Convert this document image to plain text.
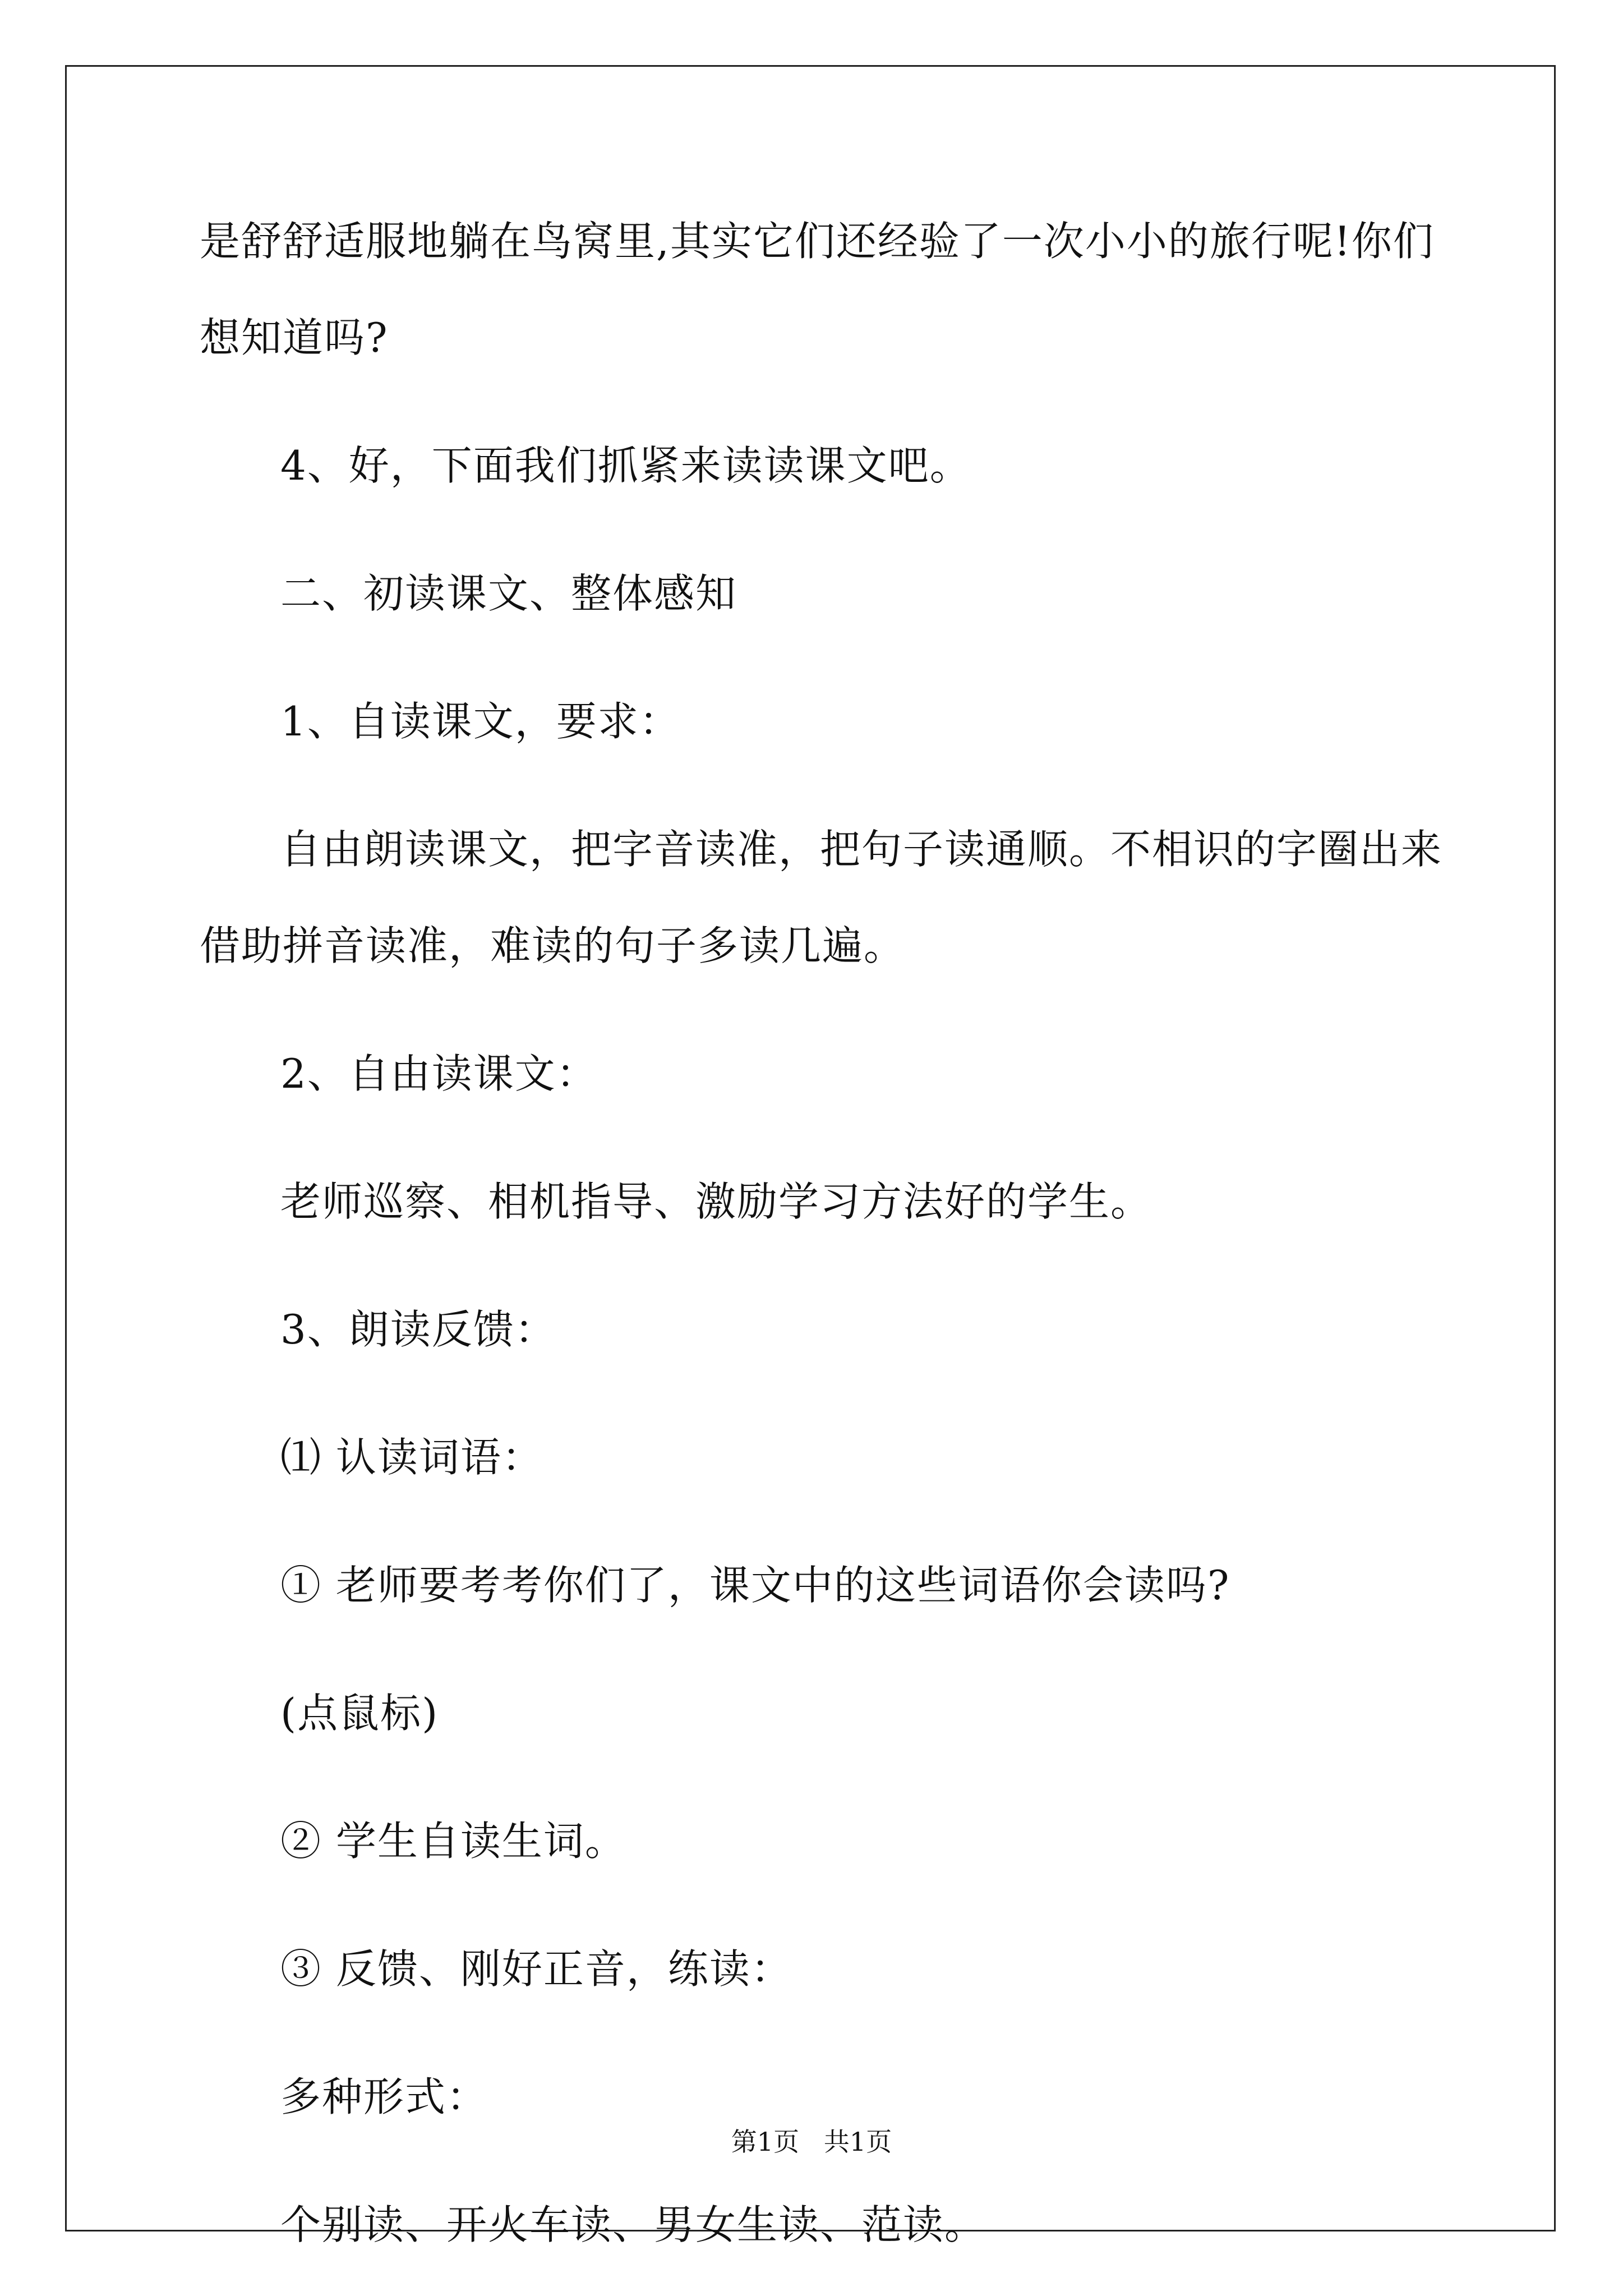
是舒舒适服地躺在鸟窝里,其实它们还经验了一次小小的旅行呢!你们
想知道吗?
4、好，下面我们抓紧来读读课文吧。
二、初读课文、整体感知
1、自读课文，要求：
自由朗读课文，把字音读准，把句子读通顺。不相识的字圈出来
借助拼音读准，难读的句子多读几遍。
2、自由读课文：
老师巡察、相机指导、激励学习方法好的学生。
3、朗读反馈：
⑴ 认读词语：
① 老师要考考你们了，课文中的这些词语你会读吗?
(点鼠标)
② 学生自读生词。
③ 反馈、刚好正音，练读：
多种形式：
个别读、开火车读、男女生读、范读。
第1页   共1页
